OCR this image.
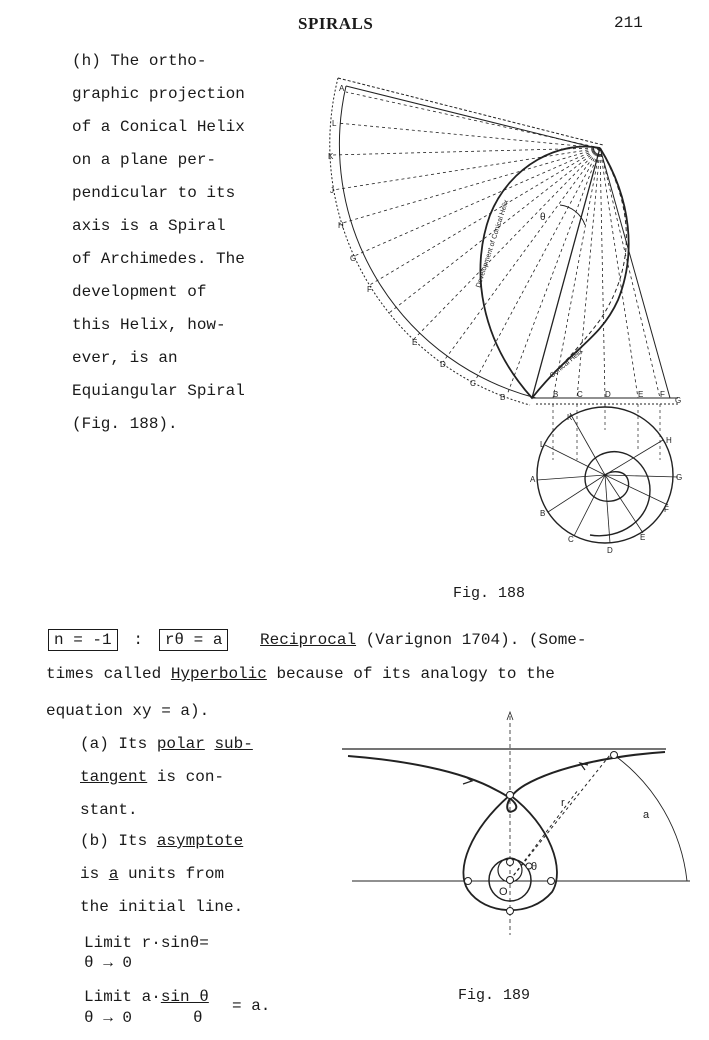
SPIRALS	211
(h) The ortho-
graphic projection
of a Conical Helix
on a plane per-
pendicular to its
axis is a Spiral
of Archimedes. The
development of
this Helix, how-
ever, is an
Equiangular Spiral
(Fig. 188).
A
L
K
J
H
G
F
E
D
C
B	B C	D	E F
G
K
L	H
A	G
B	F
C
D
E
θ
Development of Conical Helix
Conical Helix
Fig. 188
n = -1 : rθ = a Reciprocal (Varignon 1704). (Some-
times called Hyperbolic because of its analogy to the
equation xy = a).
(a) Its polar sub-
tangent is con-
stant.
(b) Its asymptote
is a units from
the initial line.
Limit r·sinθ=
θ → 0
Limit a·sin θ = a.
θ → 0	θ
r
a
θ
O
Fig. 189
